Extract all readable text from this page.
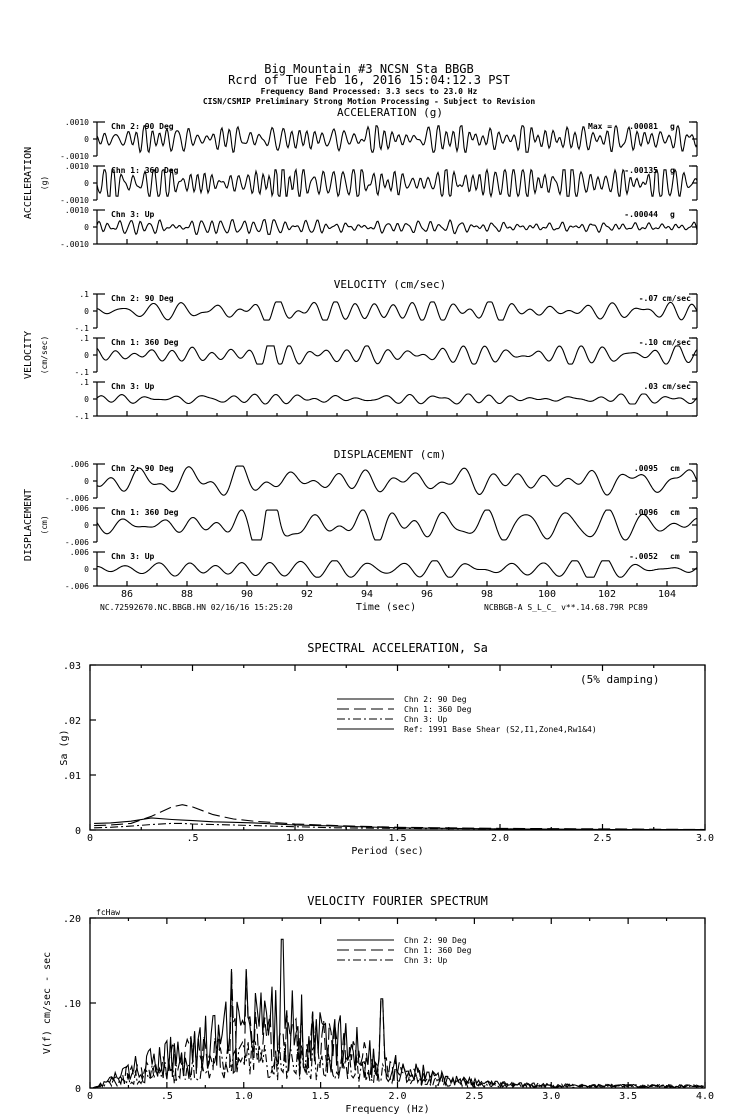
Big Mountain #3 NCSN Sta BBGB
Rcrd of Tue Feb 16, 2016 15:04:12.3 PST
Frequency Band Processed: 3.3 secs to 23.0 Hz
CISN/CSMIP Preliminary Strong Motion Processing - Subject to Revision
ACCELERATION (g)
ACCELERATION (g)
.0010
0
-.0010
Chn 2: 90 Deg	Max = .00081 g
.0010
0
-.0010
Chn 1: 360 Deg	-.00135 g
.0010
0
-.0010
Chn 3: Up	-.00044 g
VELOCITY (cm/sec)
VELOCITY (cm/sec)
.1
0
-.1
Chn 2: 90 Deg	-.07 cm/sec
.1
0
-.1
Chn 1: 360 Deg	-.10 cm/sec
.1
0
-.1
Chn 3: Up	.03 cm/sec
DISPLACEMENT (cm)
DISPLACEMENT (cm)
.006
0
-.006
Chn 2: 90 Deg	.0095 cm
.006
0
-.006
Chn 1: 360 Deg	.0096 cm
.006
0
-.006
Chn 3: Up	-.0052 cm
86	88	90	92	94	96	98	100	102	104
Time (sec)
NC.72592670.NC.BBGB.HN 02/16/16 15:25:20	NCBBGB-A S_L_C_ v**.14.68.79R PC89
SPECTRAL ACCELERATION, Sa
0	.5	1.0	1.5	2.0	2.5	3.0
.03
.02
.01
0
Period (sec)
Sa (g)
(5% damping)
Chn 2: 90 Deg
Chn 1: 360 Deg
Chn 3: Up
Ref: 1991 Base Shear (S2,I1,Zone4,Rw1&4)
VELOCITY FOURIER SPECTRUM
0	.5	1.0	1.5	2.0	2.5	3.0	3.5	4.0
.20
.10
0
Frequency (Hz)
V(f) cm/sec - sec
fcHaw
Chn 2: 90 Deg
Chn 1: 360 Deg
Chn 3: Up
